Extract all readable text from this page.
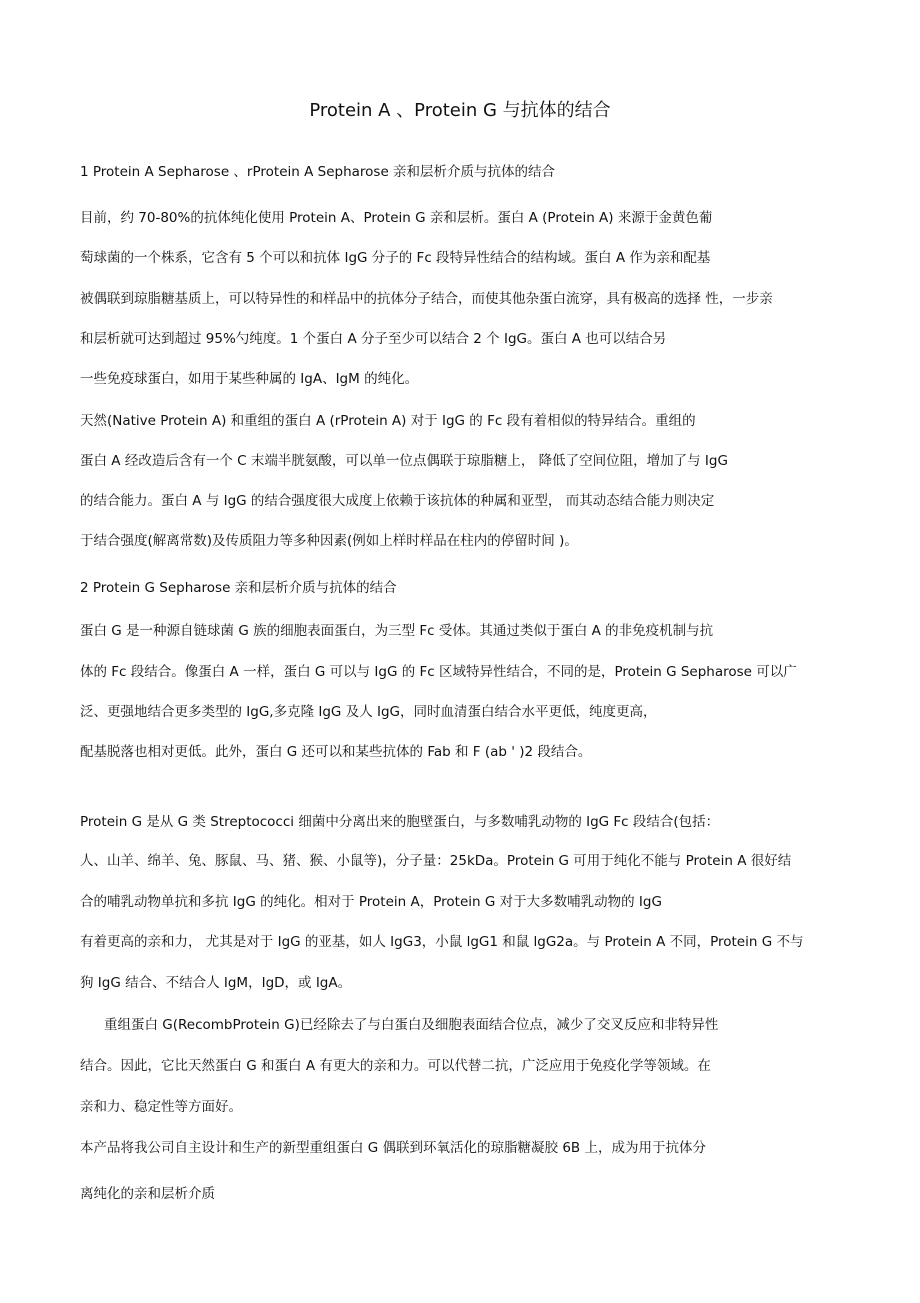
Protein A 、Protein G 与抗体的结合
1 Protein A Sepharose 、rProtein A Sepharose 亲和层析介质与抗体的结合
目前，约 70-80%的抗体纯化使用 Protein A、Protein G 亲和层析。蛋白 A (Protein A) 来源于金黄色葡
萄球菌的一个株系，它含有 5 个可以和抗体 IgG 分子的 Fc 段特异性结合的结构域。蛋白 A 作为亲和配基
被偶联到琼脂糖基质上，可以特异性的和样品中的抗体分子结合，而使其他杂蛋白流穿，具有极高的选择 性，一步亲
和层析就可达到超过 95%勺纯度。1 个蛋白 A 分子至少可以结合 2 个 IgG。蛋白 A 也可以结合另
一些免疫球蛋白，如用于某些种属的 IgA、IgM 的纯化。
天然(Native Protein A) 和重组的蛋白 A (rProtein A) 对于 IgG 的 Fc 段有着相似的特异结合。重组的
蛋白 A 经改造后含有一个 C 末端半胱氨酸，可以单一位点偶联于琼脂糖上， 降低了空间位阻，增加了与 IgG
的结合能力。蛋白 A 与 IgG 的结合强度很大成度上依赖于该抗体的种属和亚型， 而其动态结合能力则决定
于结合强度(解离常数)及传质阻力等多种因素(例如上样时样品在柱内的停留时间 )。
2 Protein G Sepharose 亲和层析介质与抗体的结合
蛋白 G 是一种源自链球菌 G 族的细胞表面蛋白，为三型 Fc 受体。其通过类似于蛋白 A 的非免疫机制与抗
体的 Fc 段结合。像蛋白 A 一样，蛋白 G 可以与 IgG 的 Fc 区域特异性结合，不同的是，Protein G Sepharose 可以广
泛、更强地结合更多类型的 IgG,多克隆 IgG 及人 IgG，同时血清蛋白结合水平更低，纯度更高，
配基脱落也相对更低。此外，蛋白 G 还可以和某些抗体的 Fab 和 F (ab ' )2 段结合。
Protein G 是从 G 类 Streptococci 细菌中分离出来的胞壁蛋白，与多数哺乳动物的 IgG Fc 段结合(包括：
人、山羊、绵羊、兔、豚鼠、马、猪、猴、小鼠等)，分子量：25kDa。Protein G 可用于纯化不能与 Protein A 很好结
合的哺乳动物单抗和多抗 IgG 的纯化。相对于 Protein A，Protein G 对于大多数哺乳动物的 IgG
有着更高的亲和力， 尤其是对于 IgG 的亚基，如人 IgG3，小鼠 lgG1 和鼠 lgG2a。与 Protein A 不同，Protein G 不与
狗 IgG 结合、不结合人 IgM，IgD，或 IgA。
重组蛋白 G(RecombProtein G)已经除去了与白蛋白及细胞表面结合位点，减少了交叉反应和非特异性
结合。因此，它比天然蛋白 G 和蛋白 A 有更大的亲和力。可以代替二抗，广泛应用于免疫化学等领域。在
亲和力、稳定性等方面好。
本产品将我公司自主设计和生产的新型重组蛋白 G 偶联到环氧活化的琼脂糖凝胶 6B 上，成为用于抗体分
离纯化的亲和层析介质
